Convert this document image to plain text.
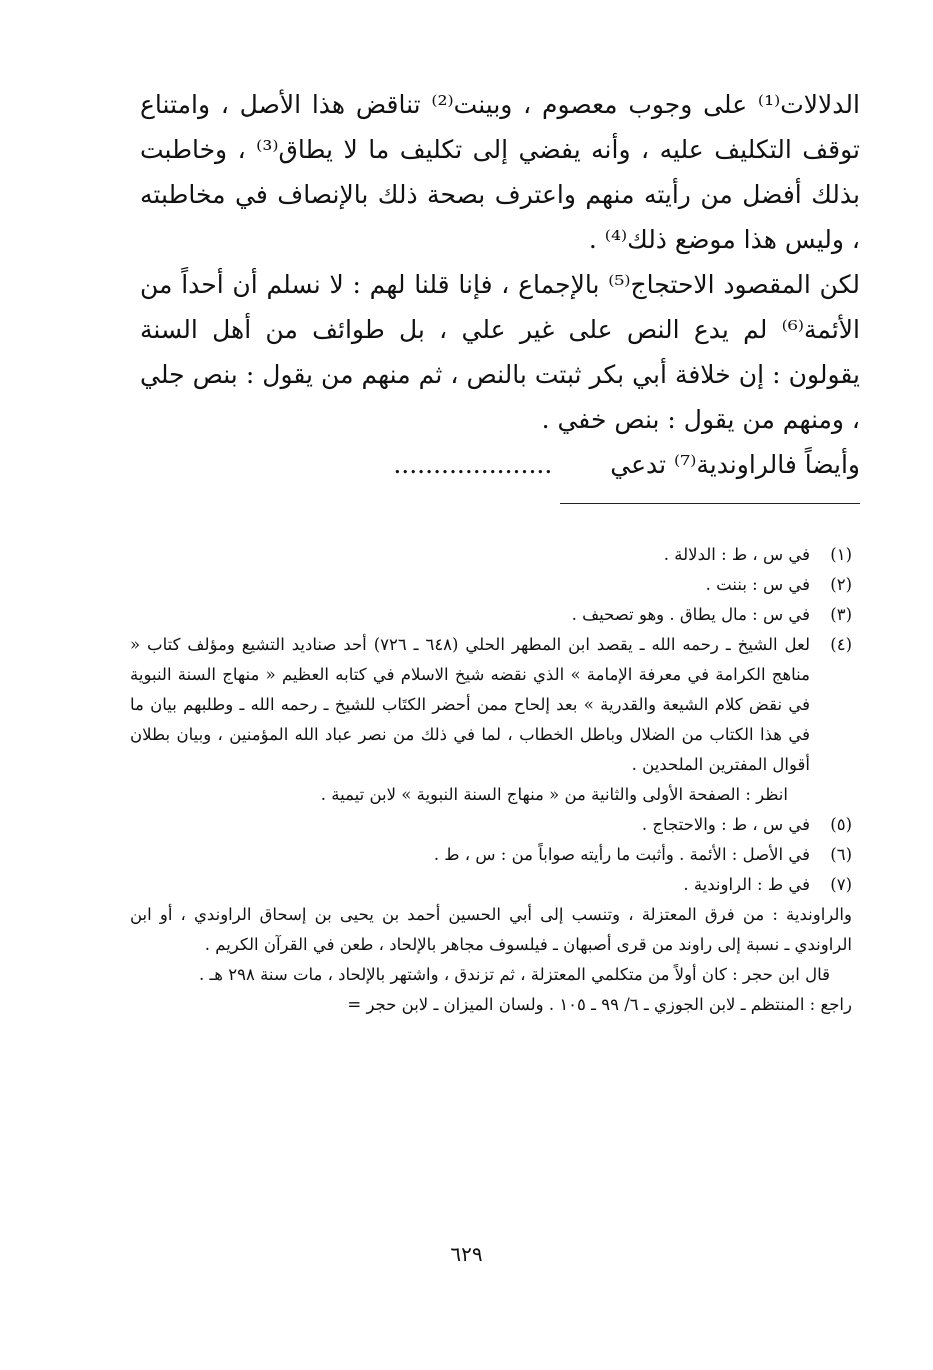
الدلالات⁽¹⁾ على وجوب معصوم ، وبينت⁽²⁾ تناقض هذا الأصل ، وامتناع توقف التكليف عليه ، وأنه يفضي إلى تكليف ما لا يطاق⁽³⁾ ، وخاطبت بذلك أفضل من رأيته منهم واعترف بصحة ذلك بالإنصاف في مخاطبته ، وليس هذا موضع ذلك⁽⁴⁾ .

لكن المقصود الاحتجاج⁽⁵⁾ بالإجماع ، فإنا قلنا لهم : لا نسلم أن أحداً من الأئمة⁽⁶⁾ لم يدع النص على غير علي ، بل طوائف من أهل السنة يقولون : إن خلافة أبي بكر ثبتت بالنص ، ثم منهم من يقول : بنص جلي ، ومنهم من يقول : بنص خفي .

وأيضاً فالراوندية⁽⁷⁾ تدعي ....................

(١)

في س ، ط : الدلالة .

(٢)

في س : بننت .

(٣)

في س : مال يطاق . وهو تصحيف .

(٤)

لعل الشيخ ـ رحمه الله ـ يقصد ابن المطهر الحلي (٦٤٨ ـ ٧٢٦) أحد صناديد التشيع ومؤلف كتاب « مناهج الكرامة في معرفة الإمامة » الذي نقضه شيخ الاسلام في كتابه العظيم « منهاج السنة النبوية في نقض كلام الشيعة والقدرية » بعد إلحاح ممن أحضر الكتَاب للشيخ ـ رحمه الله ـ وطلبهم بيان ما في هذا الكتاب من الضلال وباطل الخطاب ، لما في ذلك من نصر عباد الله المؤمنين ، وبيان بطلان أقوال المفترين الملحدين .

انظر : الصفحة الأولى والثانية من « منهاج السنة النبوية » لابن تيمية .

(٥)

في س ، ط : والاحتجاج .

(٦)

في الأصل : الأئمة . وأثبت ما رأيته صواباً من : س ، ط .

(٧)

في ط : الراوندية .

والراوندية : من فرق المعتزلة ، وتنسب إلى أبي الحسين أحمد بن يحيى بن إسحاق الراوندي ، أو ابن الراوندي ـ نسبة إلى راوند من قرى أصبهان ـ فيلسوف مجاهر بالإلحاد ، طعن في القرآن الكريم .

قال ابن حجر : كان أولاً من متكلمي المعتزلة ، ثم تزندق ، واشتهر بالإلحاد ، مات سنة ٢٩٨ هـ .

راجع : المنتظم ـ لابن الجوزي ـ ٦/ ٩٩ ـ ١٠٥ . ولسان الميزان ـ لابن حجر =

٦٢٩
